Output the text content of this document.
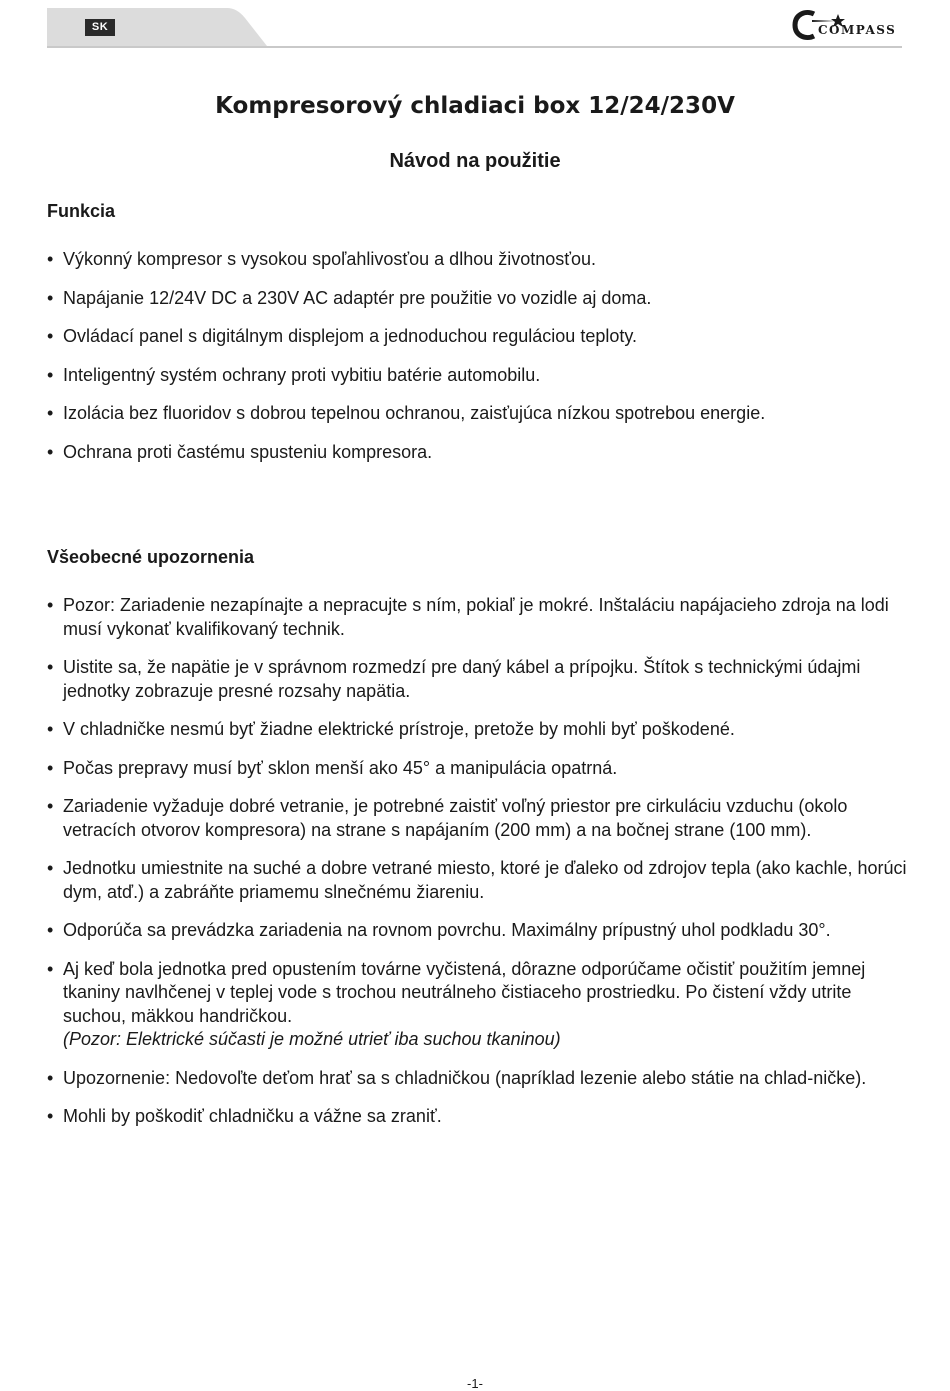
SK	COMPASS
Kompresorový chladiaci box 12/24/230V
Návod na použitie
Funkcia
• Výkonný kompresor s vysokou spoľahlivosťou a dlhou životnosťou.
• Napájanie 12/24V DC a 230V AC adaptér pre použitie vo vozidle aj doma.
• Ovládací panel s digitálnym displejom a jednoduchou reguláciou teploty.
• Inteligentný systém ochrany proti vybitiu batérie automobilu.
• Izolácia bez fluoridov s dobrou tepelnou ochranou, zaisťujúca nízkou spotrebou energie.
• Ochrana proti častému spusteniu kompresora.
Všeobecné upozornenia
• Pozor: Zariadenie nezapínajte a nepracujte s ním, pokiaľ je mokré. Inštaláciu napájacieho zdroja na lodi musí vykonať kvalifikovaný technik.
• Uistite sa, že napätie je v správnom rozmedzí pre daný kábel a prípojku. Štítok s technickými údajmi jednotky zobrazuje presné rozsahy napätia.
• V chladničke nesmú byť žiadne elektrické prístroje, pretože by mohli byť poškodené.
• Počas prepravy musí byť sklon menší ako 45° a manipulácia opatrná.
• Zariadenie vyžaduje dobré vetranie, je potrebné zaistiť voľný priestor pre cirkuláciu vzduchu (okolo vetracích otvorov kompresora) na strane s napájaním (200 mm) a na bočnej strane (100 mm).
• Jednotku umiestnite na suché a dobre vetrané miesto, ktoré je ďaleko od zdrojov tepla (ako kachle, horúci dym, atď.) a zabráňte priamemu slnečnému žiareniu.
• Odporúča sa prevádzka zariadenia na rovnom povrchu. Maximálny prípustný uhol podkladu 30°.
• Aj keď bola jednotka pred opustením továrne vyčistená, dôrazne odporúčame očistiť použitím jemnej tkaniny navlhčenej v teplej vode s trochou neutrálneho čistiaceho prostriedku. Po čistení vždy utrite suchou, mäkkou handričkou.
(Pozor: Elektrické súčasti je možné utrieť iba suchou tkaninou)
• Upozornenie: Nedovoľte deťom hrať sa s chladničkou (napríklad lezenie alebo státie na chlad-ničke).
• Mohli by poškodiť chladničku a vážne sa zraniť.
-1-
